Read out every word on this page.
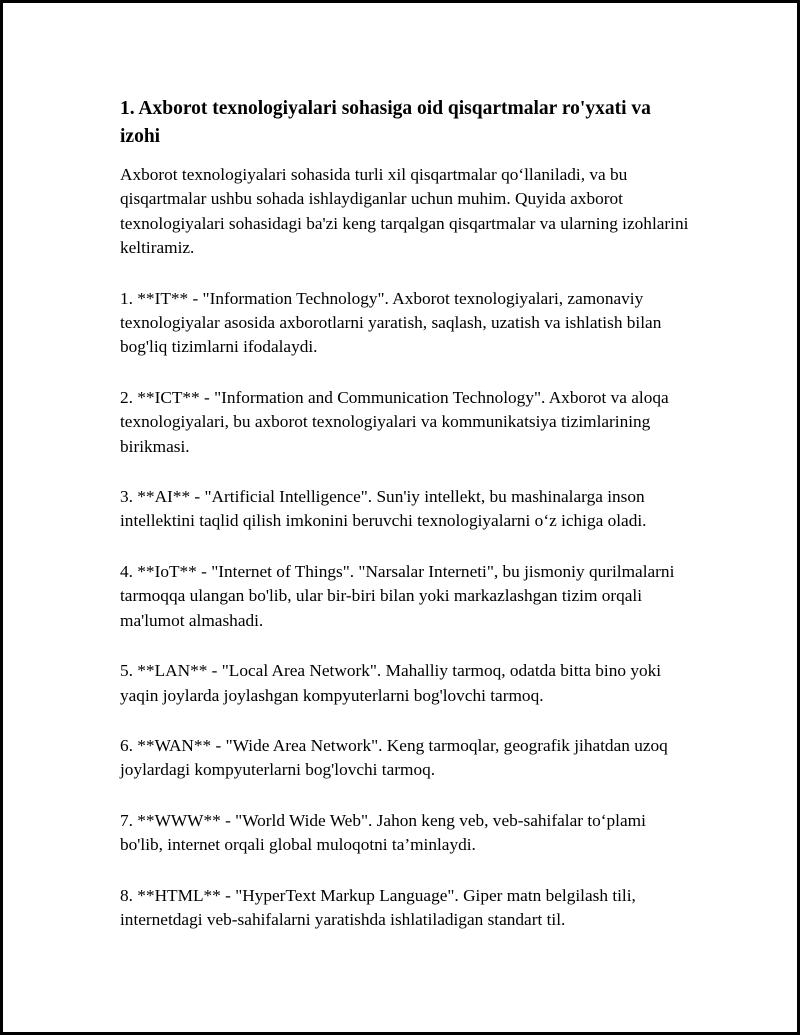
1. Axborot texnologiyalari sohasiga oid qisqartmalar ro'yxati va izohi

Axborot texnologiyalari sohasida turli xil qisqartmalar qo‘llaniladi, va bu qisqartmalar ushbu sohada ishlaydiganlar uchun muhim. Quyida axborot texnologiyalari sohasidagi ba'zi keng tarqalgan qisqartmalar va ularning izohlarini keltiramiz.

1. **IT** - "Information Technology". Axborot texnologiyalari, zamonaviy texnologiyalar asosida axborotlarni yaratish, saqlash, uzatish va ishlatish bilan bog'liq tizimlarni ifodalaydi.

2. **ICT** - "Information and Communication Technology". Axborot va aloqa texnologiyalari, bu axborot texnologiyalari va kommunikatsiya tizimlarining birikmasi.

3. **AI** - "Artificial Intelligence". Sun'iy intellekt, bu mashinalarga inson intellektini taqlid qilish imkonini beruvchi texnologiyalarni o‘z ichiga oladi.

4. **IoT** - "Internet of Things". "Narsalar Interneti", bu jismoniy qurilmalarni tarmoqqa ulangan bo'lib, ular bir-biri bilan yoki markazlashgan tizim orqali ma'lumot almashadi.

5. **LAN** - "Local Area Network". Mahalliy tarmoq, odatda bitta bino yoki yaqin joylarda joylashgan kompyuterlarni bog'lovchi tarmoq.

6. **WAN** - "Wide Area Network". Keng tarmoqlar, geografik jihatdan uzoq joylardagi kompyuterlarni bog'lovchi tarmoq.

7. **WWW** - "World Wide Web". Jahon keng veb, veb-sahifalar to‘plami bo'lib, internet orqali global muloqotni ta’minlaydi.

8. **HTML** - "HyperText Markup Language". Giper matn belgilash tili, internetdagi veb-sahifalarni yaratishda ishlatiladigan standart til.
